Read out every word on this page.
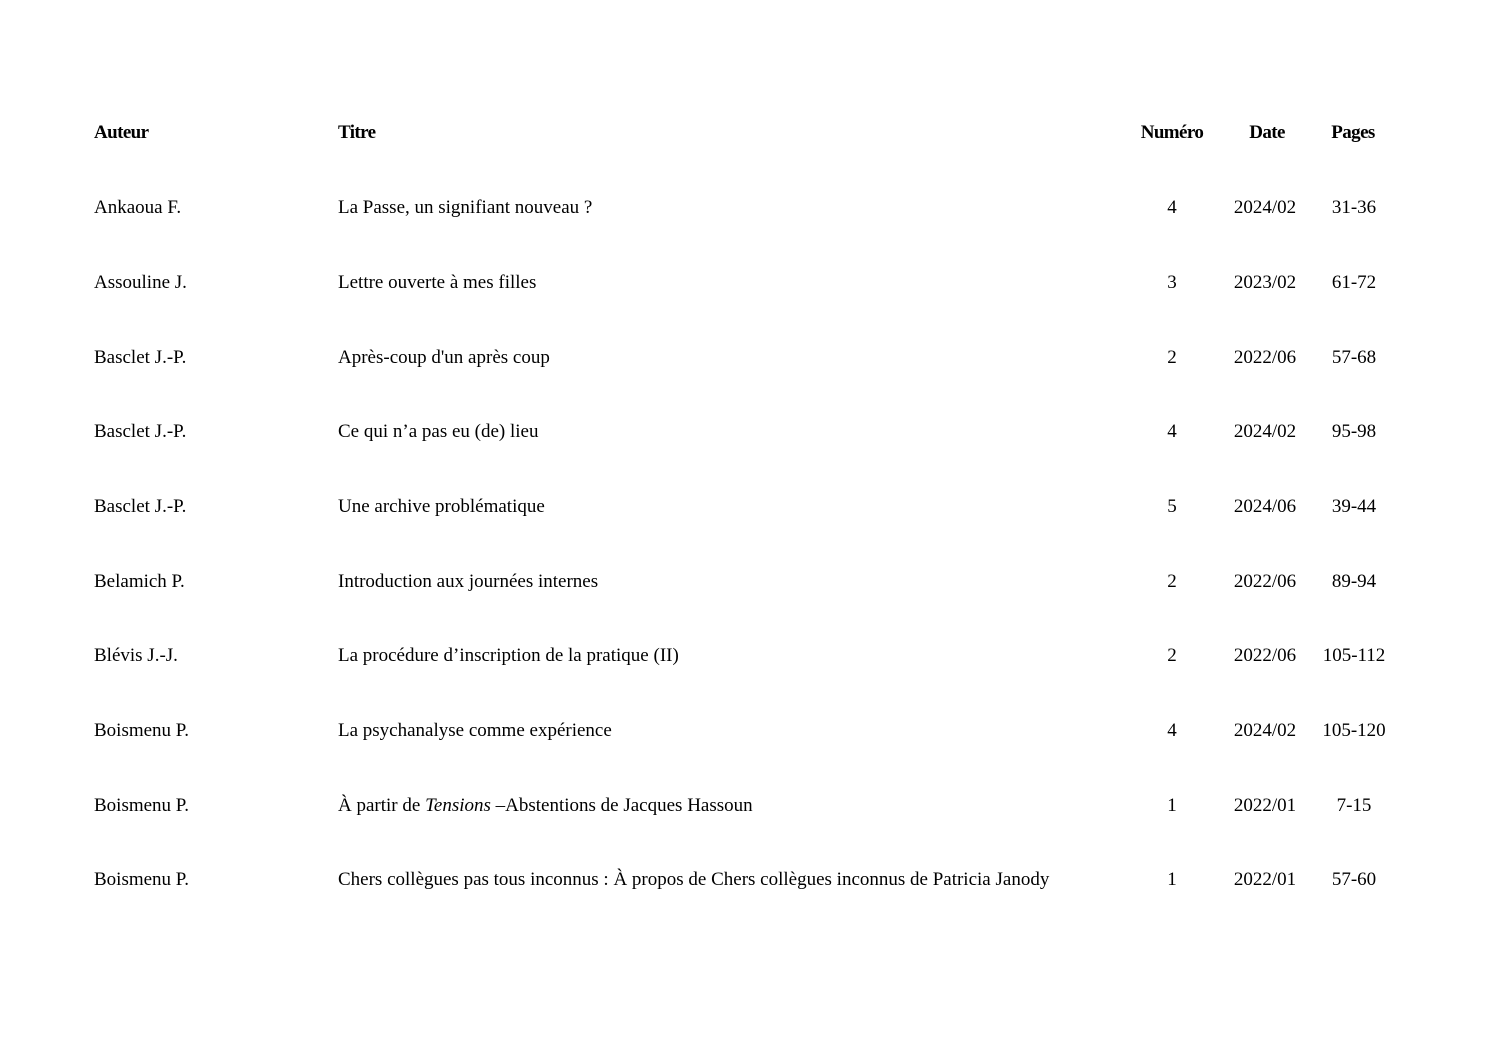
Auteur	Titre	Numéro	Date	Pages
Ankaoua F.	La Passe, un signifiant nouveau ?	4	2024/02	31-36
Assouline J.	Lettre ouverte à mes filles	3	2023/02	61-72
Basclet J.-P.	Après-coup d'un après coup	2	2022/06	57-68
Basclet J.-P.	Ce qui n’a pas eu (de) lieu	4	2024/02	95-98
Basclet J.-P.	Une archive problématique	5	2024/06	39-44
Belamich P.	Introduction aux journées internes	2	2022/06	89-94
Blévis J.-J.	La procédure d’inscription de la pratique (II)	2	2022/06	105-112
Boismenu P.	La psychanalyse comme expérience	4	2024/02	105-120
Boismenu P.	À partir de Tensions –Abstentions de Jacques Hassoun	1	2022/01	7-15
Boismenu P.	Chers collègues pas tous inconnus : À propos de Chers collègues inconnus de Patricia Janody	1	2022/01	57-60
